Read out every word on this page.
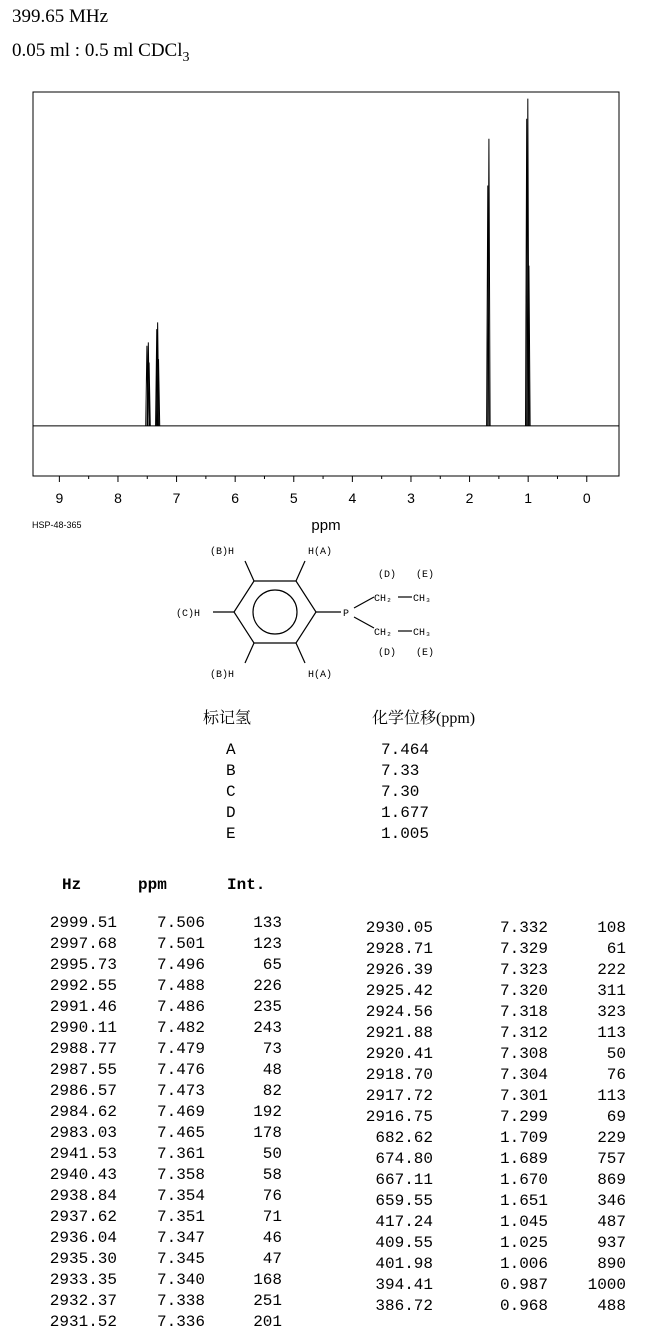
399.65 MHz
0.05 ml : 0.5 ml CDCl$_3$
9	8	7	6	5	4	3	2	1	0
ppm
HSP-48-365
(B)H	H(A)
(C)H	P
(B)H	H(A)
(D) (E)
CH₂ CH₃
CH₂ CH₃
(D) (E)
标记氢	化学位移(ppm)
A	7.464
B	7.33
C	7.30
D	1.677
E	1.005
Hz	ppm	Int.
2999.51	7.506	133
2997.68	7.501	123
2995.73	7.496	65
2992.55	7.488	226
2991.46	7.486	235
2990.11	7.482	243
2988.77	7.479	73
2987.55	7.476	48
2986.57	7.473	82
2984.62	7.469	192
2983.03	7.465	178
2941.53	7.361	50
2940.43	7.358	58
2938.84	7.354	76
2937.62	7.351	71
2936.04	7.347	46
2935.30	7.345	47
2933.35	7.340	168
2932.37	7.338	251
2931.52	7.336	201
2930.05	7.332	108
2928.71	7.329	61
2926.39	7.323	222
2925.42	7.320	311
2924.56	7.318	323
2921.88	7.312	113
2920.41	7.308	50
2918.70	7.304	76
2917.72	7.301	113
2916.75	7.299	69
682.62	1.709	229
674.80	1.689	757
667.11	1.670	869
659.55	1.651	346
417.24	1.045	487
409.55	1.025	937
401.98	1.006	890
394.41	0.987	1000
386.72	0.968	488
